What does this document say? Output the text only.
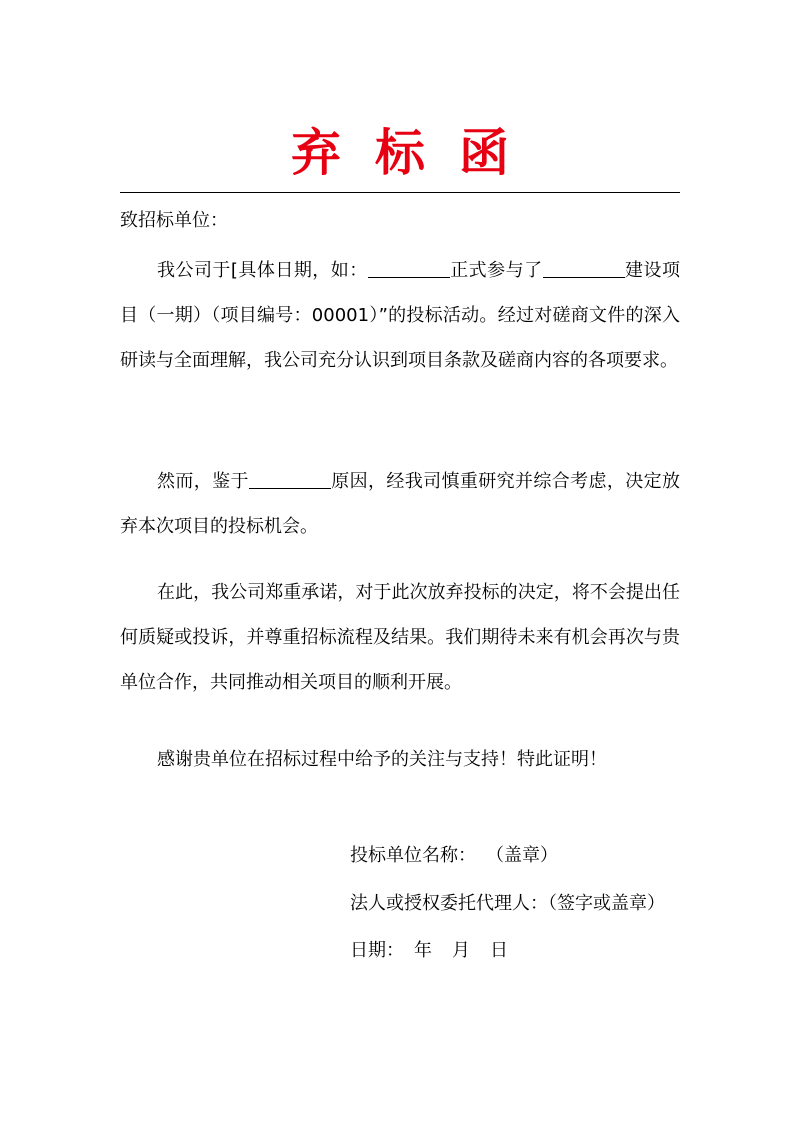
弃标函
致招标单位：

我公司于[具体日期，如：	正式参与了	建设项目（一期）（项目编号：00001）”的投标活动。经过对磋商文件的深入研读与全面理解，我公司充分认识到项目条款及磋商内容的各项要求。

然而，鉴于	原因，经我司慎重研究并综合考虑，决定放弃本次项目的投标机会。

在此，我公司郑重承诺，对于此次放弃投标的决定，将不会提出任何质疑或投诉，并尊重招标流程及结果。我们期待未来有机会再次与贵单位合作，共同推动相关项目的顺利开展。

感谢贵单位在招标过程中给予的关注与支持！特此证明！

投标单位名称： （盖章）
法人或授权委托代理人：（签字或盖章）
日期： 年 月 日
